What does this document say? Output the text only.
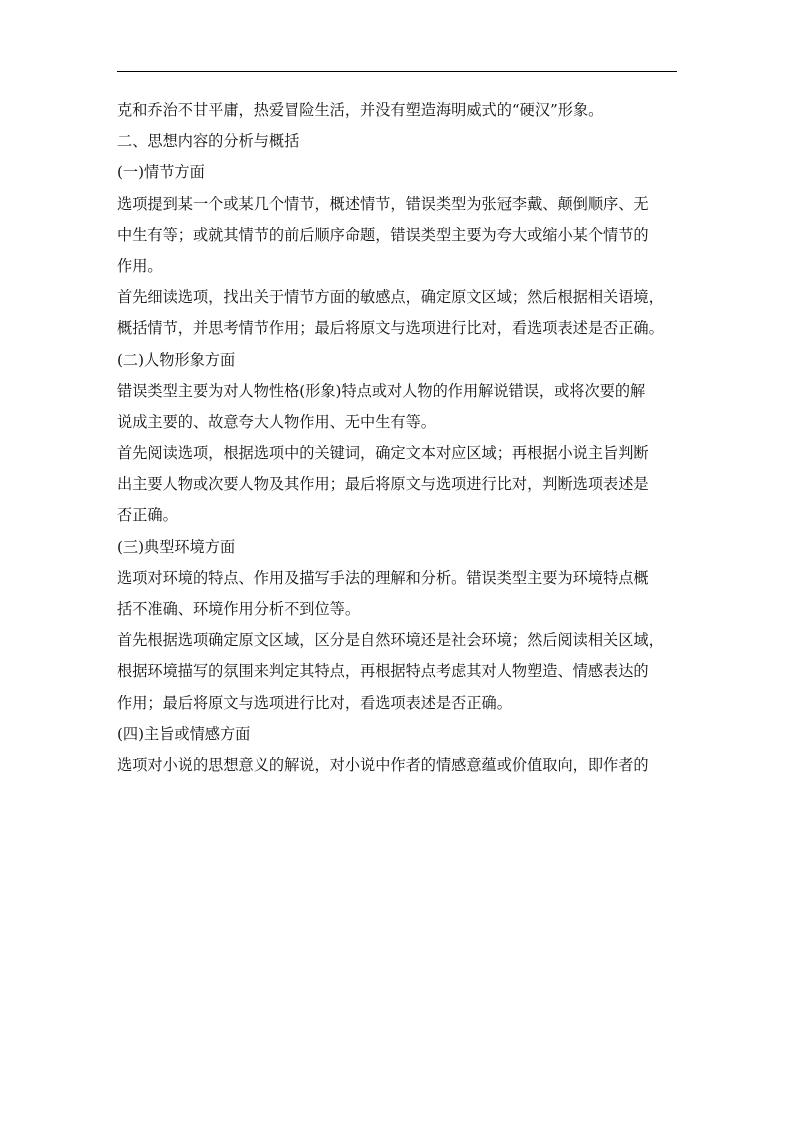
克和乔治不甘平庸，热爱冒险生活，并没有塑造海明威式的“硬汉”形象。
二、思想内容的分析与概括
(一)情节方面
选项提到某一个或某几个情节，概述情节，错误类型为张冠李戴、颠倒顺序、无
中生有等；或就其情节的前后顺序命题，错误类型主要为夸大或缩小某个情节的
作用。
首先细读选项，找出关于情节方面的敏感点，确定原文区域；然后根据相关语境，
概括情节，并思考情节作用；最后将原文与选项进行比对，看选项表述是否正确。
(二)人物形象方面
错误类型主要为对人物性格(形象)特点或对人物的作用解说错误，或将次要的解
说成主要的、故意夸大人物作用、无中生有等。
首先阅读选项，根据选项中的关键词，确定文本对应区域；再根据小说主旨判断
出主要人物或次要人物及其作用；最后将原文与选项进行比对，判断选项表述是
否正确。
(三)典型环境方面
选项对环境的特点、作用及描写手法的理解和分析。错误类型主要为环境特点概
括不准确、环境作用分析不到位等。
首先根据选项确定原文区域，区分是自然环境还是社会环境；然后阅读相关区域，
根据环境描写的氛围来判定其特点，再根据特点考虑其对人物塑造、情感表达的
作用；最后将原文与选项进行比对，看选项表述是否正确。
(四)主旨或情感方面
选项对小说的思想意义的解说，对小说中作者的情感意蕴或价值取向，即作者的
